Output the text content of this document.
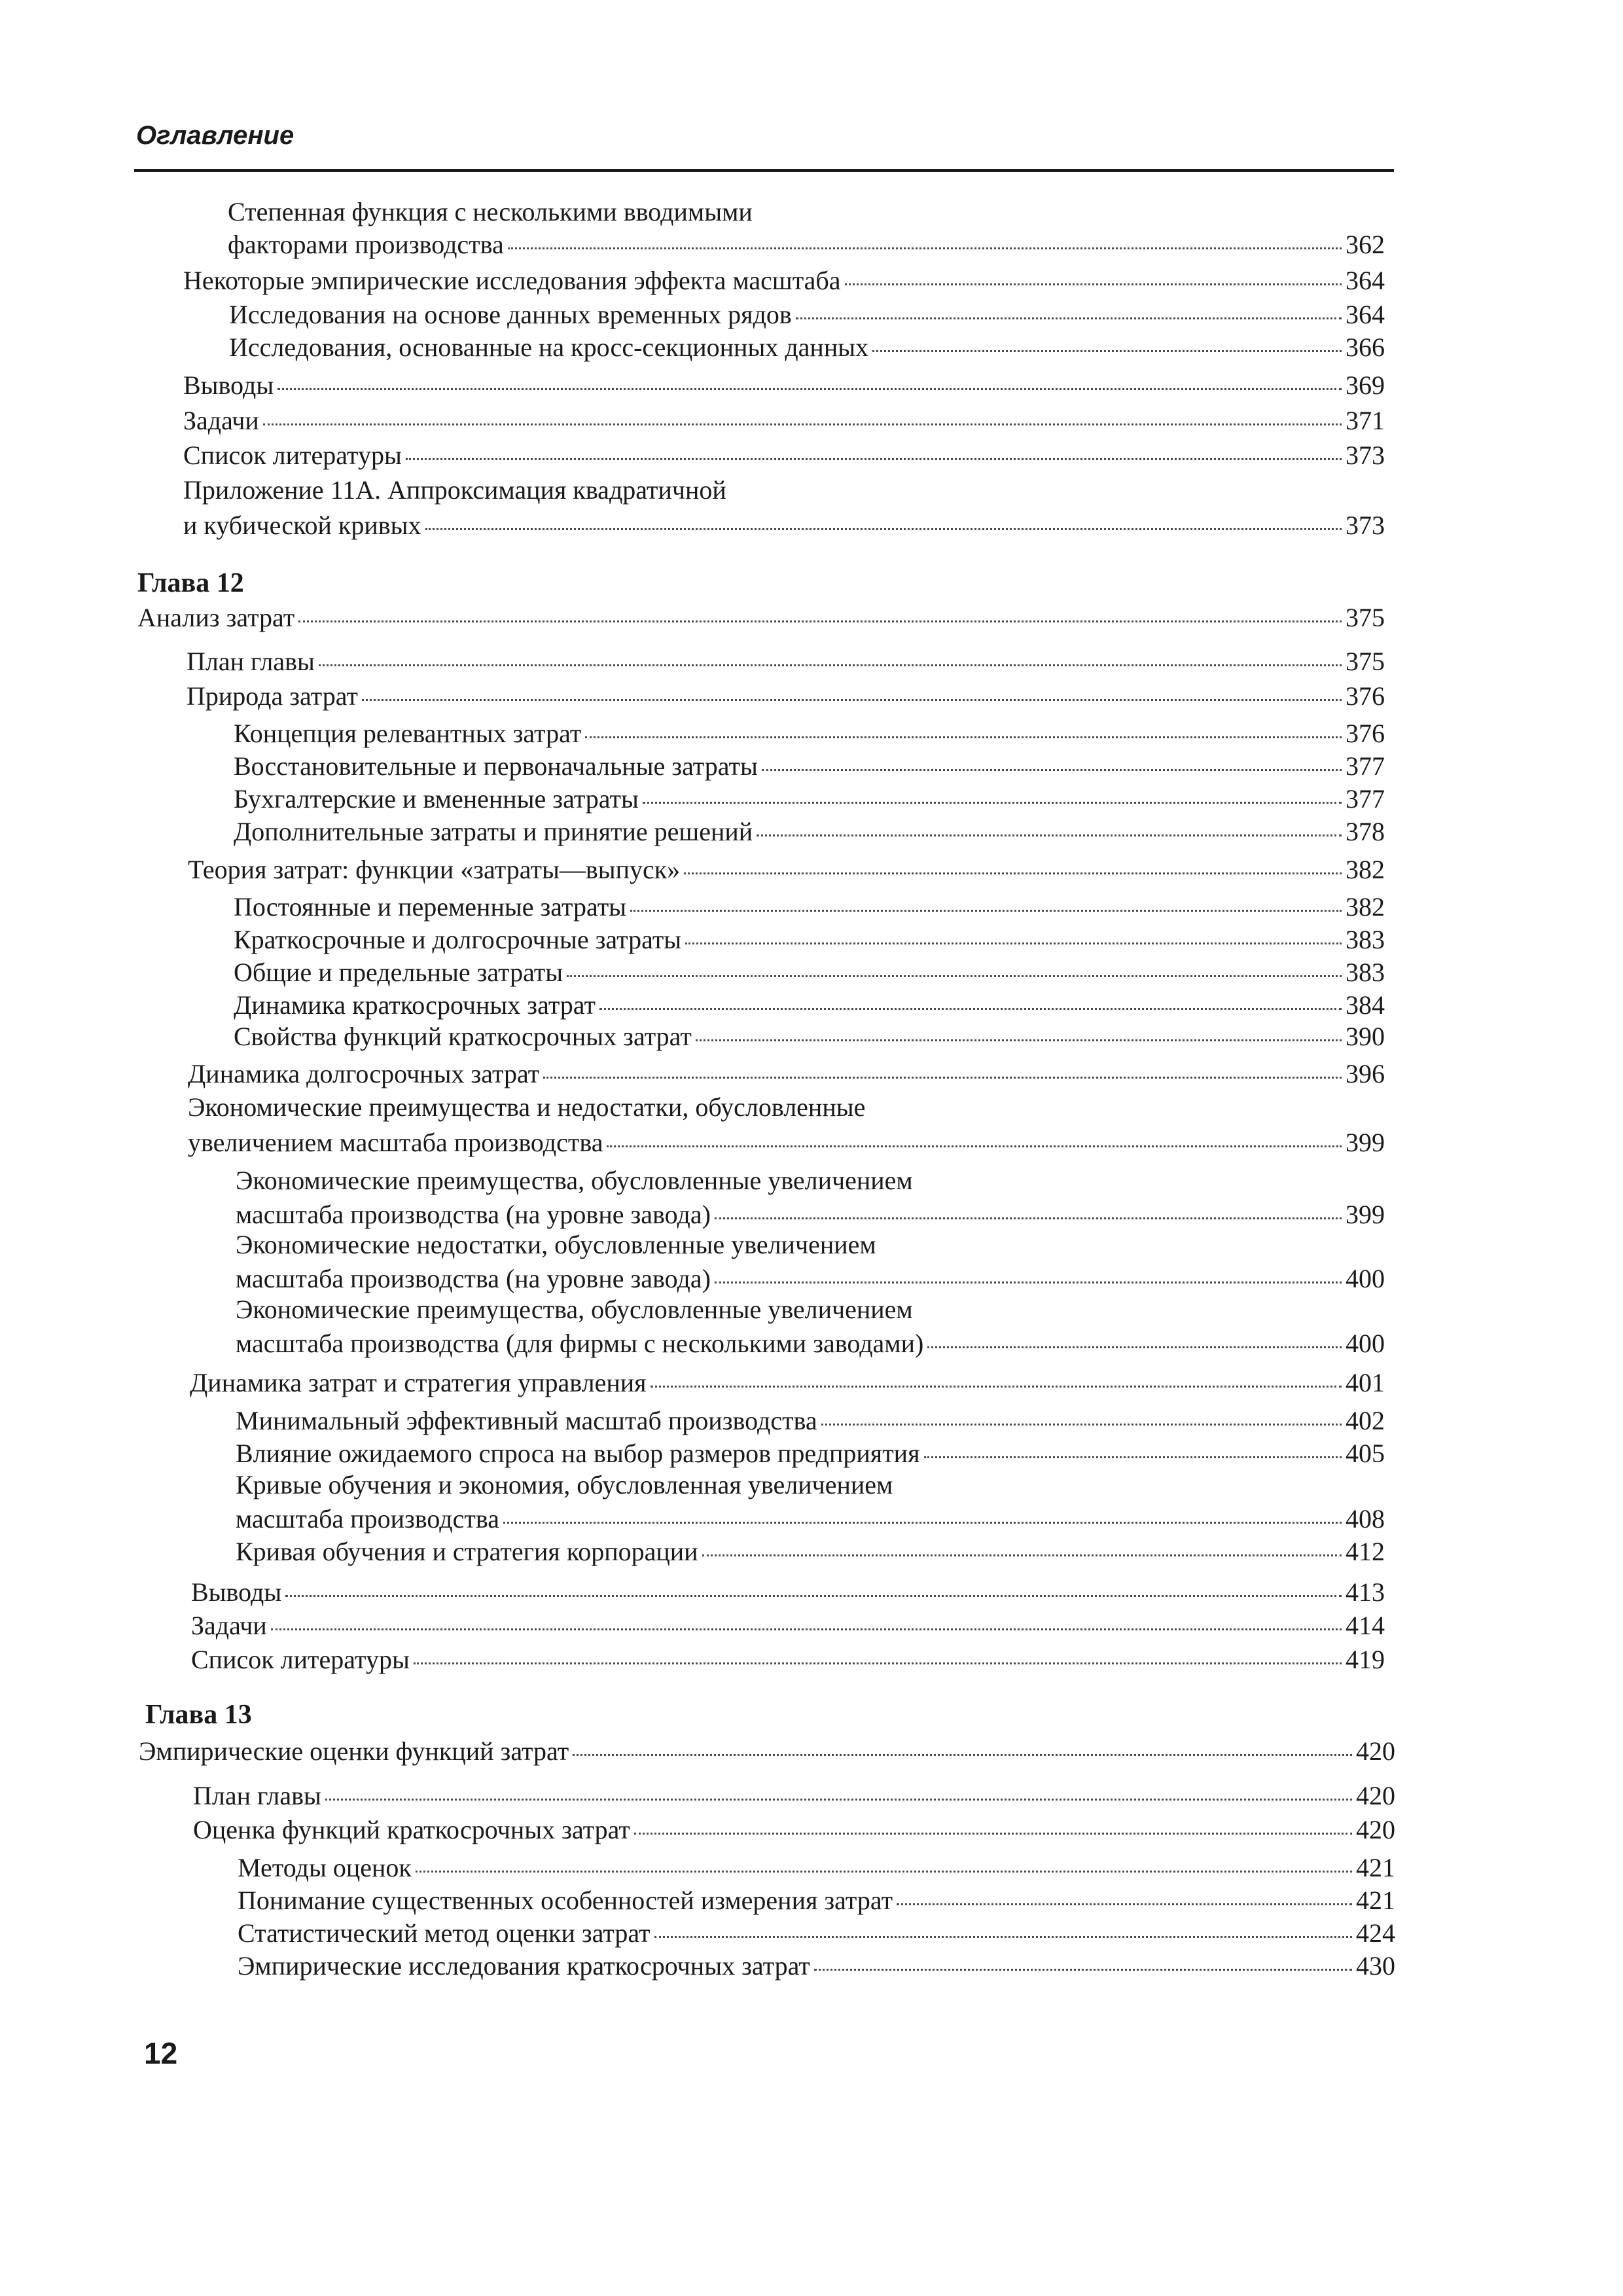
Оглавление
Степенная функция с несколькими вводимыми
факторами производства	362
Некоторые эмпирические исследования эффекта масштаба	364
Исследования на основе данных временных рядов	364
Исследования, основанные на кросс-секционных данных	366
Выводы	369
Задачи	371
Список литературы	373
Приложение 11А. Аппроксимация квадратичной
и кубической кривых	373
Глава 12
Анализ затрат	375
План главы	375
Природа затрат	376
Концепция релевантных затрат	376
Восстановительные и первоначальные затраты	377
Бухгалтерские и вмененные затраты	377
Дополнительные затраты и принятие решений	378
Теория затрат: функции «затраты—выпуск»	382
Постоянные и переменные затраты	382
Краткосрочные и долгосрочные затраты	383
Общие и предельные затраты	383
Динамика краткосрочных затрат	384
Свойства функций краткосрочных затрат	390
Динамика долгосрочных затрат	396
Экономические преимущества и недостатки, обусловленные
увеличением масштаба производства	399
Экономические преимущества, обусловленные увеличением
масштаба производства (на уровне завода)	399
Экономические недостатки, обусловленные увеличением
масштаба производства (на уровне завода)	400
Экономические преимущества, обусловленные увеличением
масштаба производства (для фирмы с несколькими заводами)	400
Динамика затрат и стратегия управления	401
Минимальный эффективный масштаб производства	402
Влияние ожидаемого спроса на выбор размеров предприятия	405
Кривые обучения и экономия, обусловленная увеличением
масштаба производства	408
Кривая обучения и стратегия корпорации	412
Выводы	413
Задачи	414
Список литературы	419
Глава 13
Эмпирические оценки функций затрат	420
План главы	420
Оценка функций краткосрочных затрат	420
Методы оценок	421
Понимание существенных особенностей измерения затрат	421
Статистический метод оценки затрат	424
Эмпирические исследования краткосрочных затрат	430
12
